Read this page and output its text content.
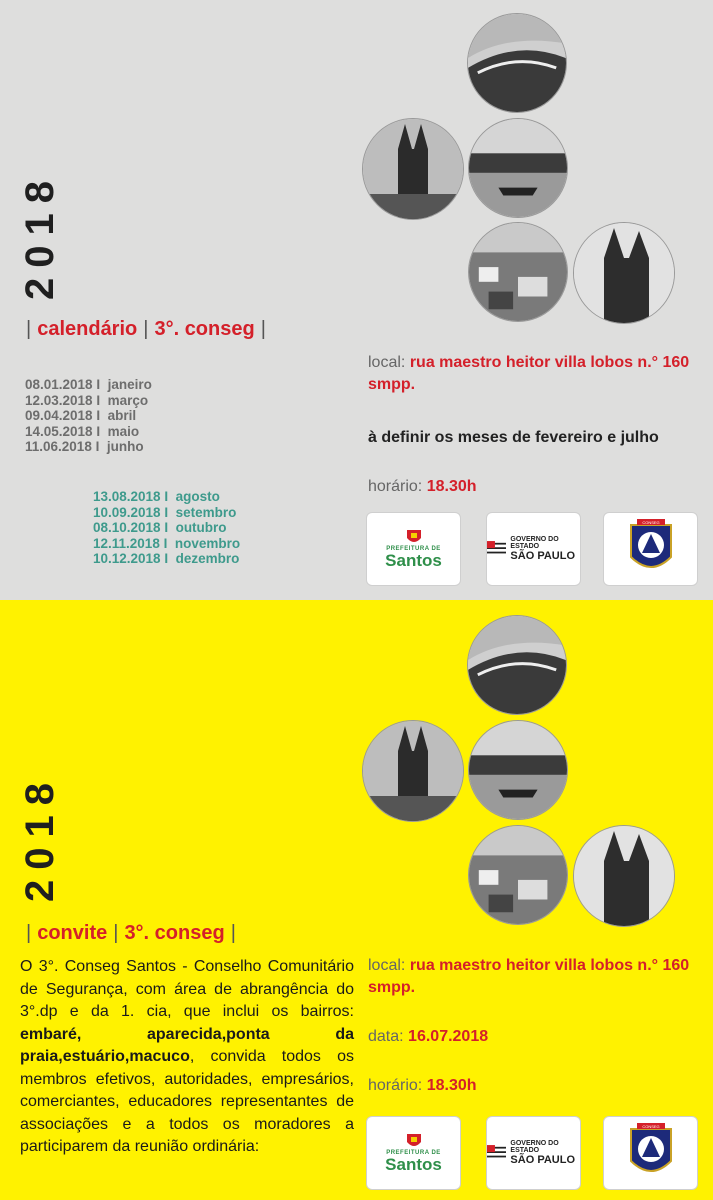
2018
| calendário | 3°. conseg |
08.01.2018 I  janeiro
12.03.2018 I  março
09.04.2018 I  abril
14.05.2018 I  maio
11.06.2018 I  junho
13.08.2018 I  agosto
10.09.2018 I  setembro
08.10.2018 I  outubro
12.11.2018 I  novembro
10.12.2018 I  dezembro
local: rua maestro heitor villa lobos n.° 160 smpp.
à definir os meses de fevereiro e julho
horário: 18.30h
PREFEITURA DE
Santos
GOVERNO DO ESTADO
SÃO PAULO
CONSEG
2018
| convite | 3°. conseg |
local: rua maestro heitor villa lobos n.° 160 smpp.
data: 16.07.2018
horário: 18.30h
PREFEITURA DE
Santos
GOVERNO DO ESTADO
SÃO PAULO
CONSEG
O 3°. Conseg Santos - Conselho Comunitário de Segurança, com área de abrangência do 3°.dp e da 1. cia, que inclui os bairros: embaré, aparecida,ponta da praia,estuário,macuco, convida todos os membros efetivos, autoridades, empresários, comerciantes, educadores representantes de associações e a todos os moradores a participarem da reunião ordinária:
